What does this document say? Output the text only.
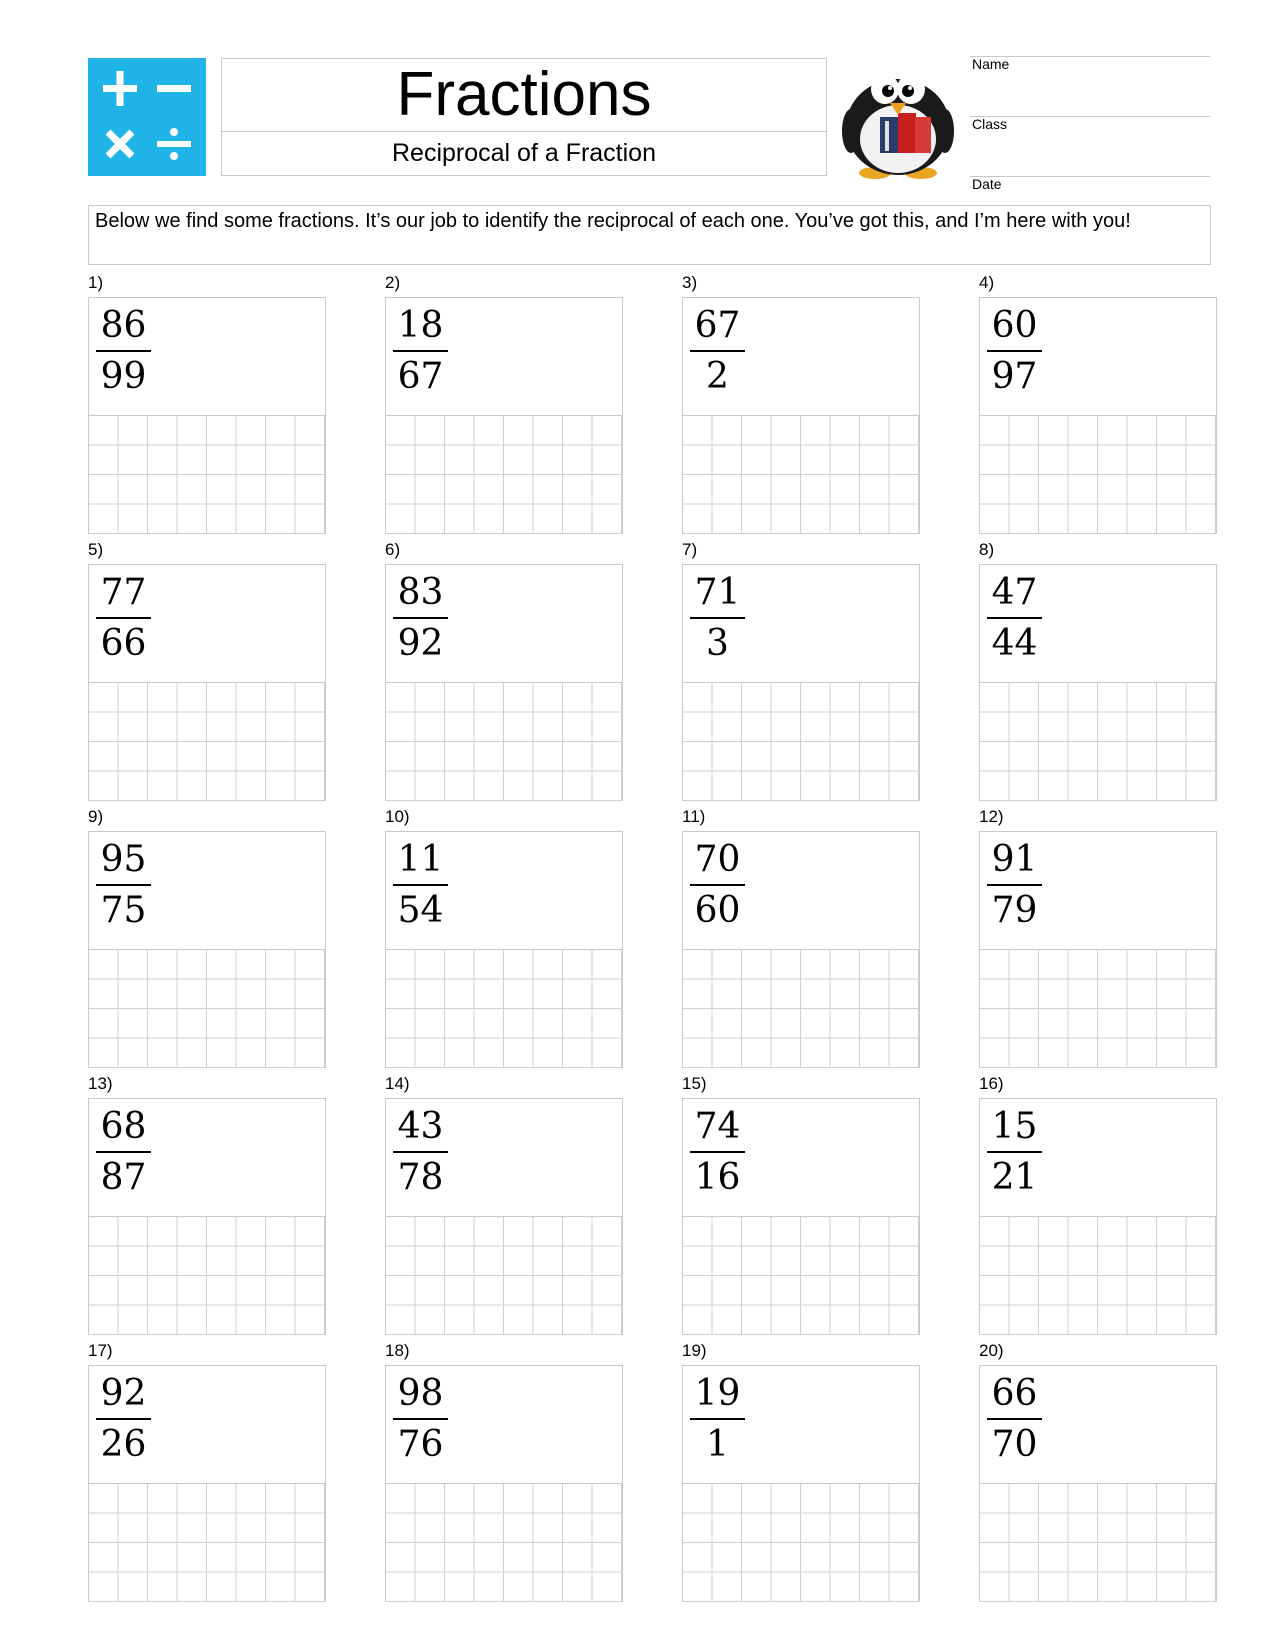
Fractions
Reciprocal of a Fraction
Name
Class
Date
Below we find some fractions. It’s our job to identify the reciprocal of each one. You’ve got this, and I’m here with you!
1)
86
99
2)
18
67
3)
67
2
4)
60
97
5)
77
66
6)
83
92
7)
71
3
8)
47
44
9)
95
75
10)
11
54
11)
70
60
12)
91
79
13)
68
87
14)
43
78
15)
74
16
16)
15
21
17)
92
26
18)
98
76
19)
19
1
20)
66
70
